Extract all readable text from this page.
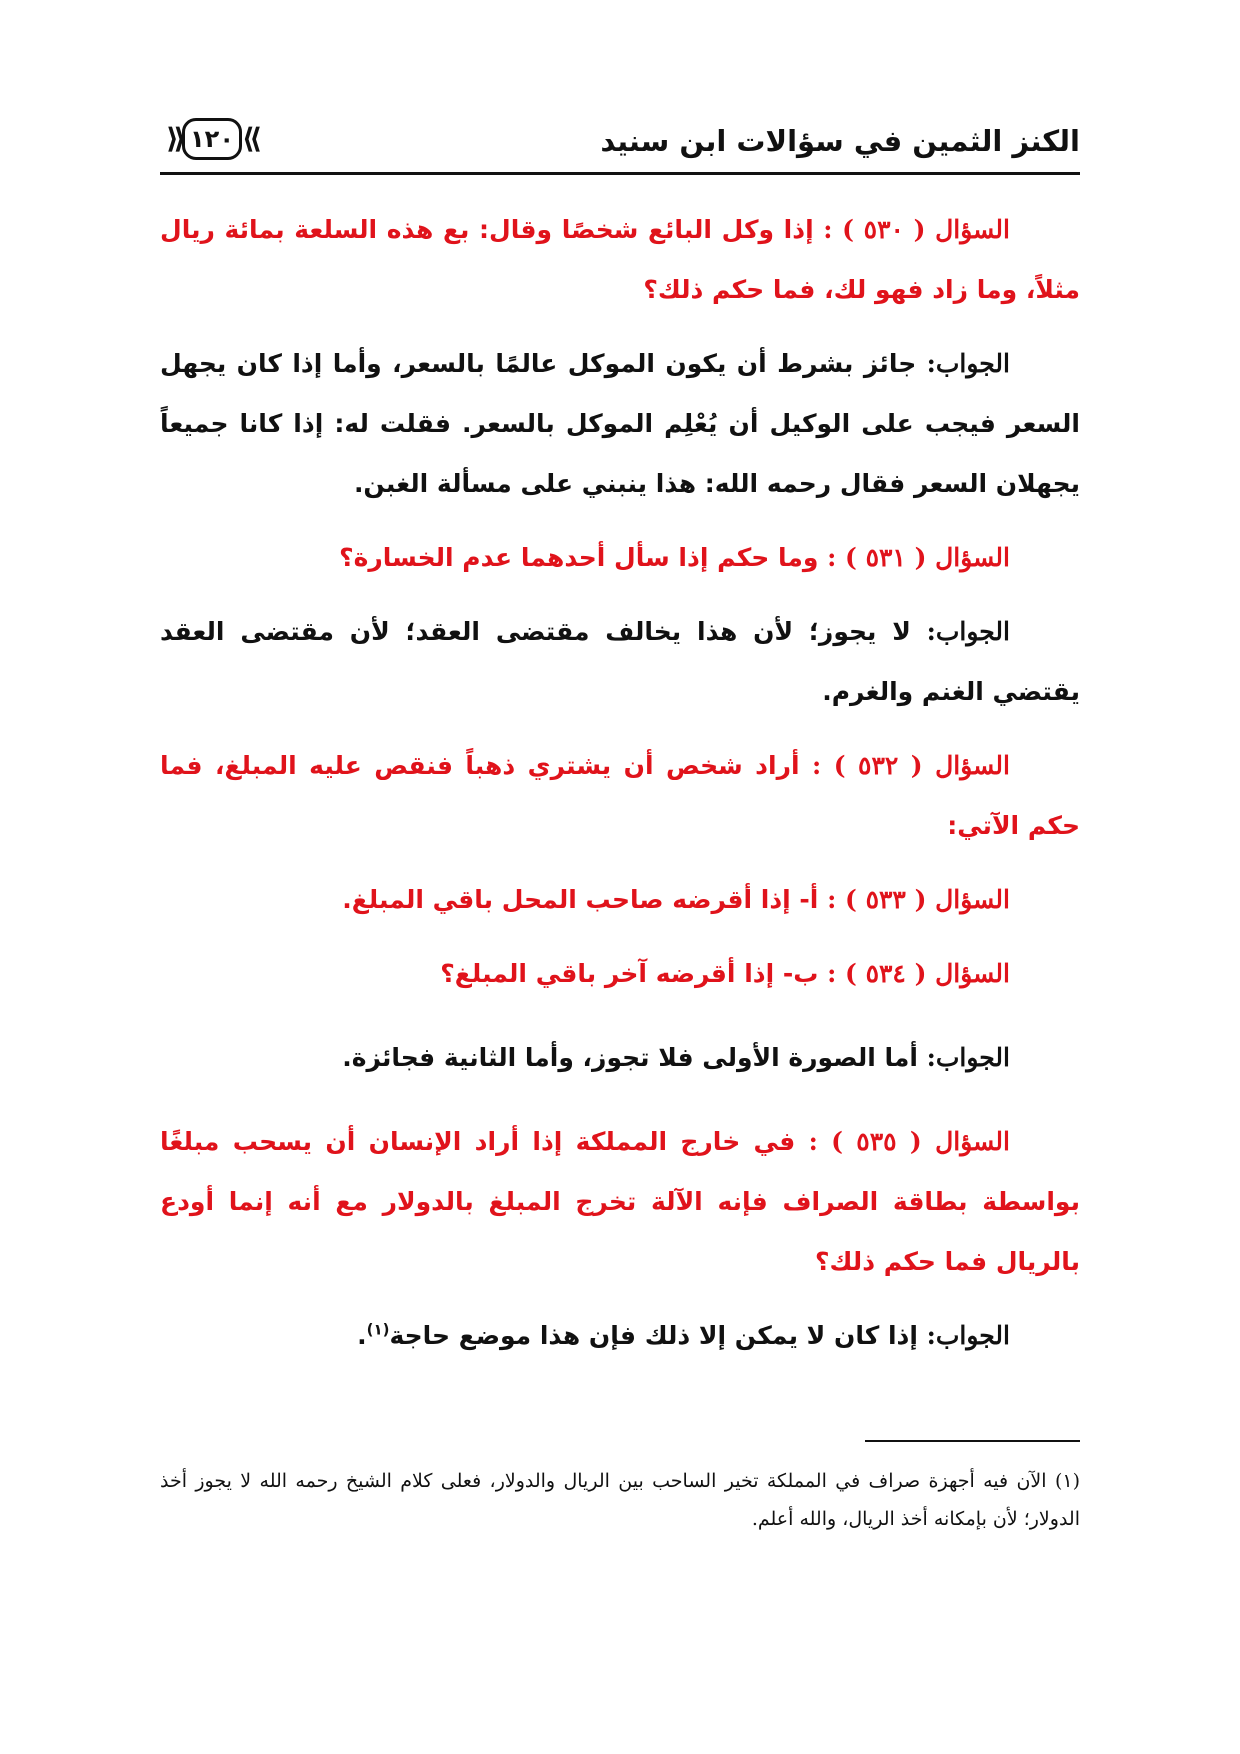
الكنز الثمين في سؤالات ابن سنيد
⟪ ١٢٠ ⟫

السؤال ( ٥٣٠ ) : إذا وكل البائع شخصًا وقال: بع هذه السلعة بمائة ريال مثلاً، وما زاد فهو لك، فما حكم ذلك؟

الجواب: جائز بشرط أن يكون الموكل عالمًا بالسعر، وأما إذا كان يجهل السعر فيجب على الوكيل أن يُعْلِم الموكل بالسعر. فقلت له: إذا كانا جميعاً يجهلان السعر فقال رحمه الله: هذا ينبني على مسألة الغبن.

السؤال ( ٥٣١ ) : وما حكم إذا سأل أحدهما عدم الخسارة؟

الجواب: لا يجوز؛ لأن هذا يخالف مقتضى العقد؛ لأن مقتضى العقد يقتضي الغنم والغرم.

السؤال ( ٥٣٢ ) : أراد شخص أن يشتري ذهباً فنقص عليه المبلغ، فما حكم الآتي:

السؤال ( ٥٣٣ ) : أ- إذا أقرضه صاحب المحل باقي المبلغ.

السؤال ( ٥٣٤ ) : ب- إذا أقرضه آخر باقي المبلغ؟

الجواب: أما الصورة الأولى فلا تجوز، وأما الثانية فجائزة.

السؤال ( ٥٣٥ ) : في خارج المملكة إذا أراد الإنسان أن يسحب مبلغًا بواسطة بطاقة الصراف فإنه الآلة تخرج المبلغ بالدولار مع أنه إنما أودع بالريال فما حكم ذلك؟

الجواب: إذا كان لا يمكن إلا ذلك فإن هذا موضع حاجة$^{(١)}$.

(١) الآن فيه أجهزة صراف في المملكة تخير الساحب بين الريال والدولار، فعلى كلام الشيخ رحمه الله لا يجوز أخذ الدولار؛ لأن بإمكانه أخذ الريال، والله أعلم.
